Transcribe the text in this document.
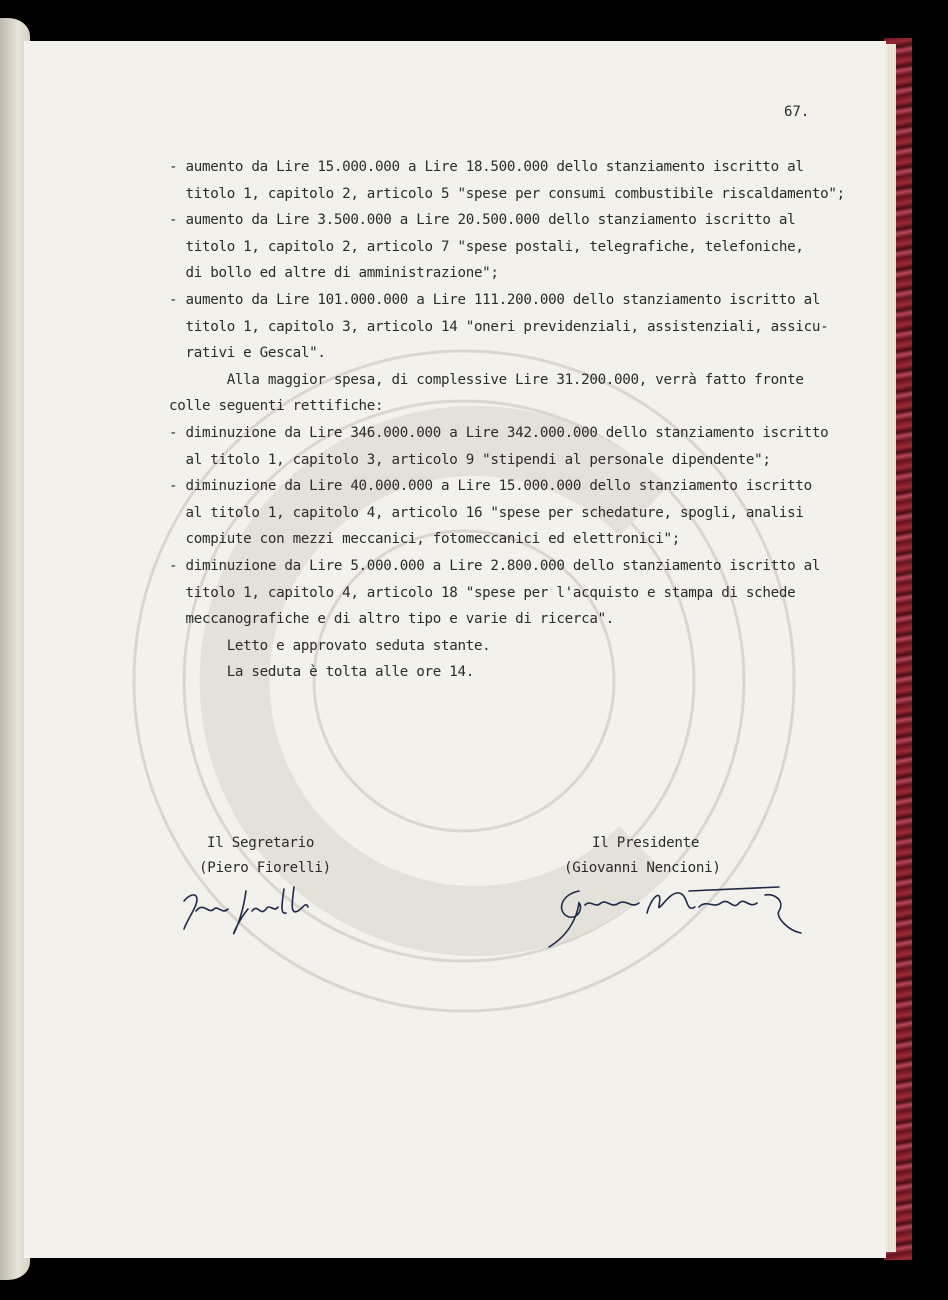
67.
- aumento da Lire 15.000.000 a Lire 18.500.000 dello stanziamento iscritto al
titolo 1, capitolo 2, articolo 5 "spese per consumi combustibile riscaldamento";
- aumento da Lire 3.500.000 a Lire 20.500.000 dello stanziamento iscritto al
titolo 1, capitolo 2, articolo 7 "spese postali, telegrafiche, telefoniche,
di bollo ed altre di amministrazione";
- aumento da Lire 101.000.000 a Lire 111.200.000 dello stanziamento iscritto al
titolo 1, capitolo 3, articolo 14 "oneri previdenziali, assistenziali, assicu-
rativi e Gescal".
Alla maggior spesa, di complessive Lire 31.200.000, verrà fatto fronte
colle seguenti rettifiche:
- diminuzione da Lire 346.000.000 a Lire 342.000.000 dello stanziamento iscritto
al titolo 1, capitolo 3, articolo 9 "stipendi al personale dipendente";
- diminuzione da Lire 40.000.000 a Lire 15.000.000 dello stanziamento iscritto
al titolo 1, capitolo 4, articolo 16 "spese per schedature, spogli, analisi
compiute con mezzi meccanici, fotomeccanici ed elettronici";
- diminuzione da Lire 5.000.000 a Lire 2.800.000 dello stanziamento iscritto al
titolo 1, capitolo 4, articolo 18 "spese per l'acquisto e stampa di schede
meccanografiche e di altro tipo e varie di ricerca".
Letto e approvato seduta stante.
La seduta è tolta alle ore 14.
Il Segretario
(Piero Fiorelli)
Il Presidente
(Giovanni Nencioni)
